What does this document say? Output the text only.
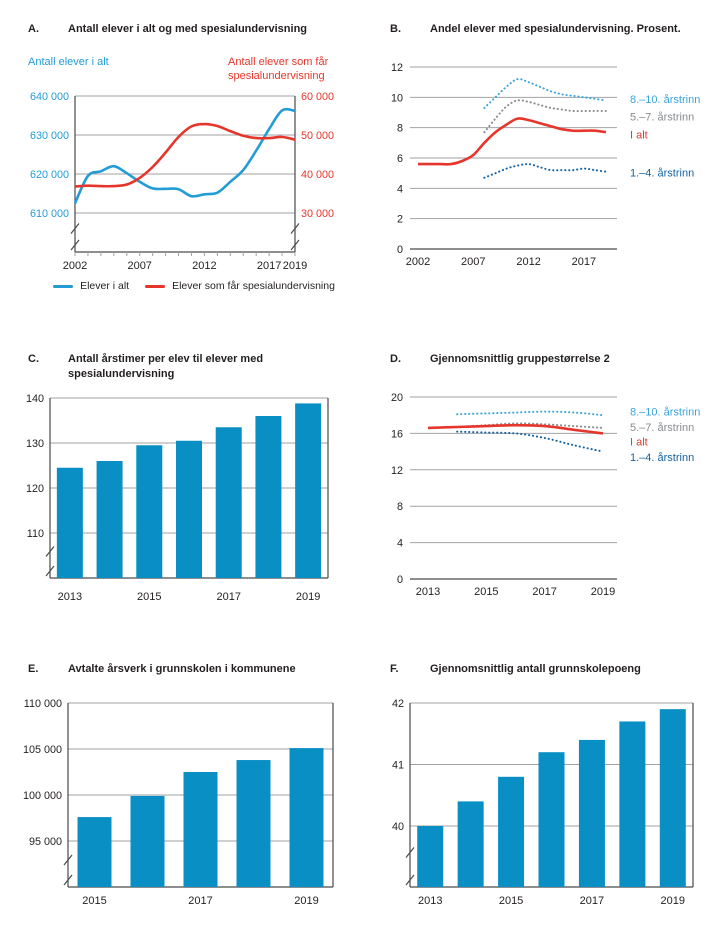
A.	Antall elever i alt og med spesialundervisning
Antall elever i alt	Antall elever som får spesialundervisning
610 000	30 000
620 000	40 000
630 000	50 000
640 000	60 000
2002	2007	2012	2017 2019
Elever i alt	Elever som får spesialundervisning
B.	Andel elever med spesialundervisning. Prosent.
0
2
4
6
8
10
12
2002	2007	2012	2017
8.–10. årstrinn
5.–7. årstrinn
I alt
1.–4. årstrinn
C.	Antall årstimer per elev til elever med spesialundervisning
110
120
130
140
2013	2015	2017	2019
D.	Gjennomsnittlig gruppestørrelse 2
0
4
8
12
16
20
2013	2015	2017	2019
8.–10. årstrinn
5.–7. årstrinn
I alt
1.–4. årstrinn
E.	Avtalte årsverk i grunnskolen i kommunene
95 000
100 000
105 000
110 000
2015	2017	2019
F.	Gjennomsnittlig antall grunnskolepoeng
40
41
42
2013	2015	2017	2019
